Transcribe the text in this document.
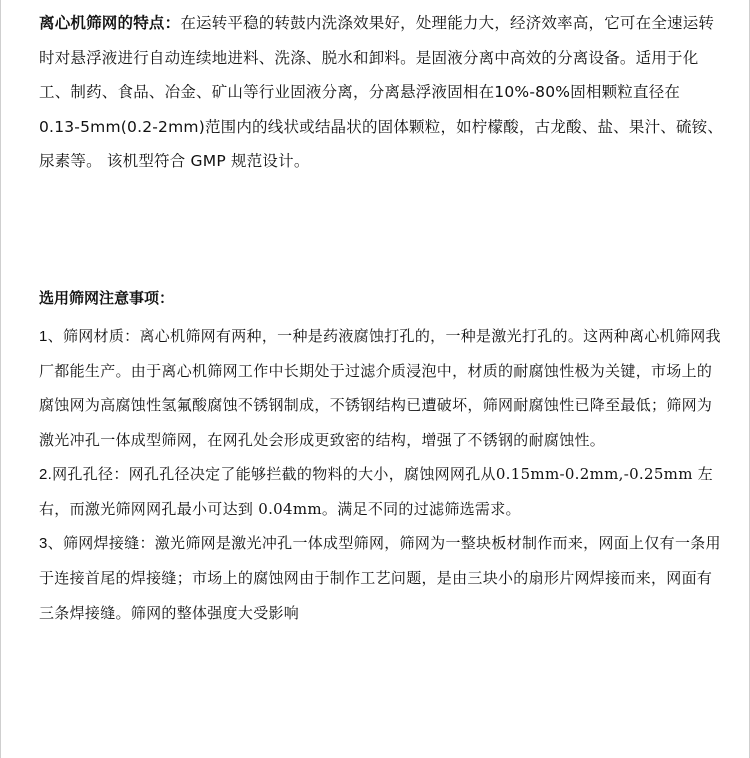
离心机筛网的特点：在运转平稳的转鼓内洗涤效果好，处理能力大，经济效率高，它可在全速运转时对悬浮液进行自动连续地进料、洗涤、脱水和卸料。是固液分离中高效的分离设备。适用于化工、制药、食品、冶金、矿山等行业固液分离，分离悬浮液固相在10%-80%固相颗粒直径在 0.13-5mm(0.2-2mm)范围内的线状或结晶状的固体颗粒，如柠檬酸，古龙酸、盐、果汁、硫铵、尿素等。 该机型符合 GMP 规范设计。
选用筛网注意事项：

1、筛网材质：离心机筛网有两种，一种是药液腐蚀打孔的，一种是激光打孔的。这两种离心机筛网我厂都能生产。由于离心机筛网工作中长期处于过滤介质浸泡中，材质的耐腐蚀性极为关键，市场上的腐蚀网为高腐蚀性氢氟酸腐蚀不锈钢制成，不锈钢结构已遭破坏，筛网耐腐蚀性已降至最低；筛网为激光冲孔一体成型筛网，在网孔处会形成更致密的结构，增强了不锈钢的耐腐蚀性。

2.网孔孔径：网孔孔径决定了能够拦截的物料的大小，腐蚀网网孔从0.15mm-0.2mm,-0.25mm 左右，而激光筛网网孔最小可达到 0.04mm。满足不同的过滤筛选需求。

3、筛网焊接缝：激光筛网是激光冲孔一体成型筛网，筛网为一整块板材制作而来，网面上仅有一条用于连接首尾的焊接缝；市场上的腐蚀网由于制作工艺问题，是由三块小的扇形片网焊接而来，网面有三条焊接缝。筛网的整体强度大受影响
